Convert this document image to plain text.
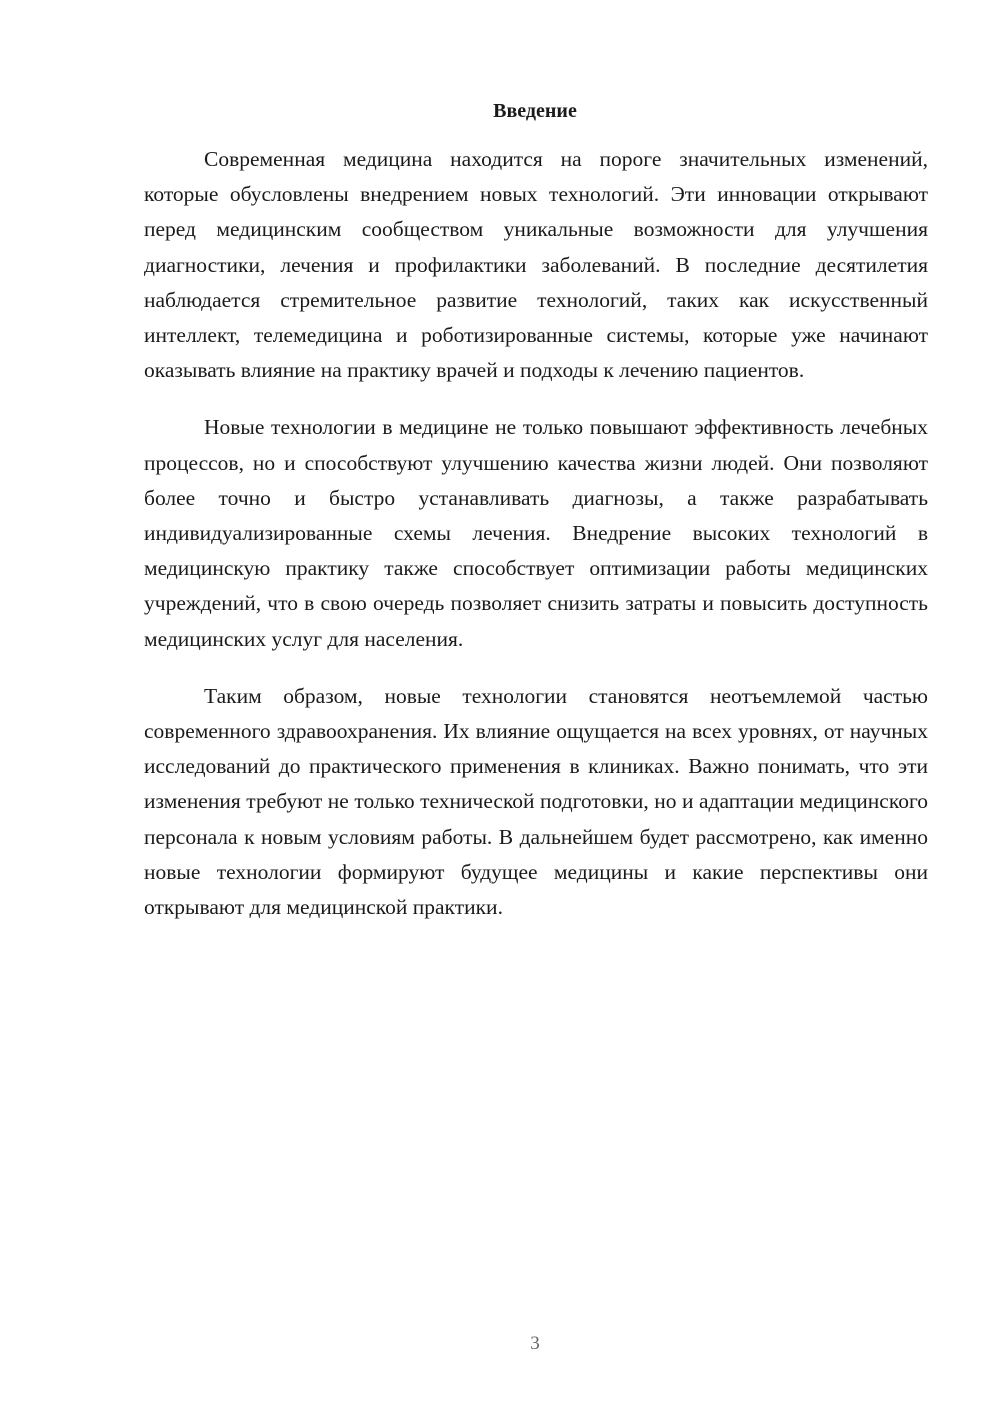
Введение

Современная медицина находится на пороге значительных изменений, которые обусловлены внедрением новых технологий. Эти инновации открывают перед медицинским сообществом уникальные возможности для улучшения диагностики, лечения и профилактики заболеваний. В последние десятилетия наблюдается стремительное развитие технологий, таких как искусственный интеллект, телемедицина и роботизированные системы, которые уже начинают оказывать влияние на практику врачей и подходы к лечению пациентов.

Новые технологии в медицине не только повышают эффективность лечебных процессов, но и способствуют улучшению качества жизни людей. Они позволяют более точно и быстро устанавливать диагнозы, а также разрабатывать индивидуализированные схемы лечения. Внедрение высоких технологий в медицинскую практику также способствует оптимизации работы медицинских учреждений, что в свою очередь позволяет снизить затраты и повысить доступность медицинских услуг для населения.

Таким образом, новые технологии становятся неотъемлемой частью современного здравоохранения. Их влияние ощущается на всех уровнях, от научных исследований до практического применения в клиниках. Важно понимать, что эти изменения требуют не только технической подготовки, но и адаптации медицинского персонала к новым условиям работы. В дальнейшем будет рассмотрено, как именно новые технологии формируют будущее медицины и какие перспективы они открывают для медицинской практики.

3
